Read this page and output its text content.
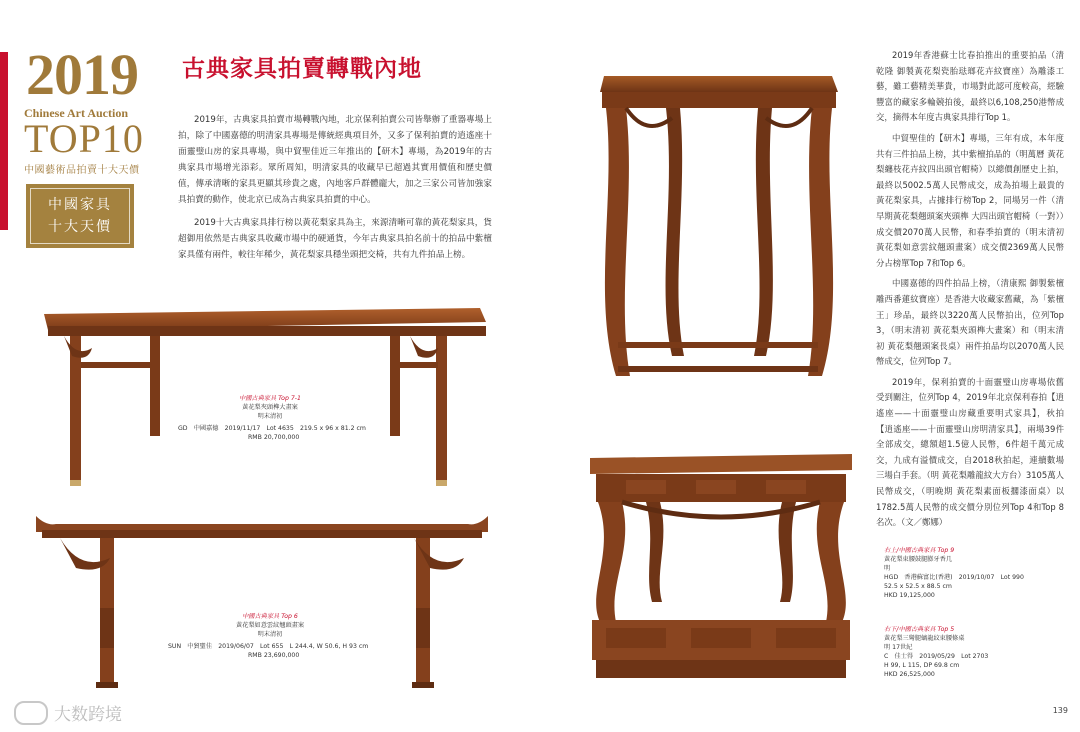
2019
Chinese Art Auction
TOP10
中國藝術品拍賣十大天價
中國家具
十大天價
古典家具拍賣轉戰內地

2019年，古典家具拍賣市場轉戰內地，北京保利拍賣公司皆舉辦了重器專場上拍，除了中國嘉德的明清家具專場是傳統經典項目外，又多了保利拍賣的逍遙座十面靈璧山房的家具專場，與中貿聖佳近三年推出的【研木】專場，為2019年的古典家具市場增光添彩。眾所周知，明清家具的收藏早已超過其實用價值和歷史價值，傳承清晰的家具更顯其珍貴之處，內地客戶群體龐大，加之三家公司皆加強家具拍賣的動作，使北京已成為古典家具拍賣的中心。

2019十大古典家具排行榜以黃花梨家具為主，來源清晰可靠的黃花梨家具，貨超御用依然是古典家具收藏市場中的硬通貨，今年古典家具拍名前十的拍品中紫檀家具僅有兩件，較往年稀少，黃花梨家具穩坐頭把交椅，共有九件拍品上榜。

2019年香港蘇士比春拍推出的重要拍品（清乾隆 御製黃花梨瓷胎琺瑯花卉紋寶座）為雕漆工藝，雖工藝精美華貴，市場對此認可度較高，經驗豐富的藏家多輪競拍後，最終以6,108,250港幣成交，摘得本年度古典家具排行Top 1。

中貿聖佳的【研木】專場，三年有成，本年度共有三件拍品上榜，其中紫檀拍品的（明萬曆 黃花梨纏枝花卉紋四出頭官帽椅）以總價創歷史上拍，最終以5002.5萬人民幣成交，成為拍場上最貴的黃花梨家具，占據排行榜Top 2，同場另一件（清早期黃花梨翹頭案夾頭榫 大四出頭官帽椅（一對））成交價2070萬人民幣，和春季拍賣的（明末清初 黃花梨如意雲紋翹頭畫案）成交價2369萬人民幣分占榜單Top 7和Top 6。

中國嘉德的四件拍品上榜，（清康熙 御製紫檀雕西番蓮紋寶座）是香港大收藏家舊藏，為「紫檀王」珍品，最終以3220萬人民幣拍出，位列Top 3，（明末清初 黃花梨夾頭榫大畫案）和（明末清初 黃花梨翹頭案長桌）兩件拍品均以2070萬人民幣成交，位列Top 7。

2019年，保利拍賣的十面靈璧山房專場依舊受到關注，位列Top 4，2019年北京保利春拍【逍遙座——十面靈璧山房藏重要明式家具】，秋拍【逍遙座——十面靈璧山房明清家具】，兩場39件全部成交，總額超1.5億人民幣，6件超千萬元成交，九成有溢價成交，自2018秋拍起，連續數場三場白手套。（明 黃花梨雕龍紋大方台）3105萬人民幣成交，（明晚期 黃花梨素面板擱漆面桌）以1782.5萬人民幣的成交價分別位列Top 4和Top 8名次。（文／鄭娜）

中國古典家具 Top 7-1
黃花梨夾頭榫大畫案
明末清初
GD　中國嘉德　2019/11/17　Lot 4635　219.5 x 96 x 81.2 cm
RMB 20,700,000
中國古典家具 Top 6
黃花梨如意雲紋翹頭畫案
明末清初
SUN　中貿聖佳　2019/06/07　Lot 655　L 244.4, W 50.6, H 93 cm
RMB 23,690,000
右上/中國古典家具 Top 9
黃花梨束腰鼓腿膨牙香几
明
HGD　香港蘇富比(香港)　2019/10/07　Lot 990
52.5 x 52.5 x 88.5 cm
HKD 19,125,000
右下/中國古典家具 Top 5
黃花梨三彎腿螭龍紋束腰條桌
明 17世紀
C　佳士得　2019/05/29　Lot 2703
H 99, L 115, DP 69.8 cm
HKD 26,525,000
大数跨境	139
